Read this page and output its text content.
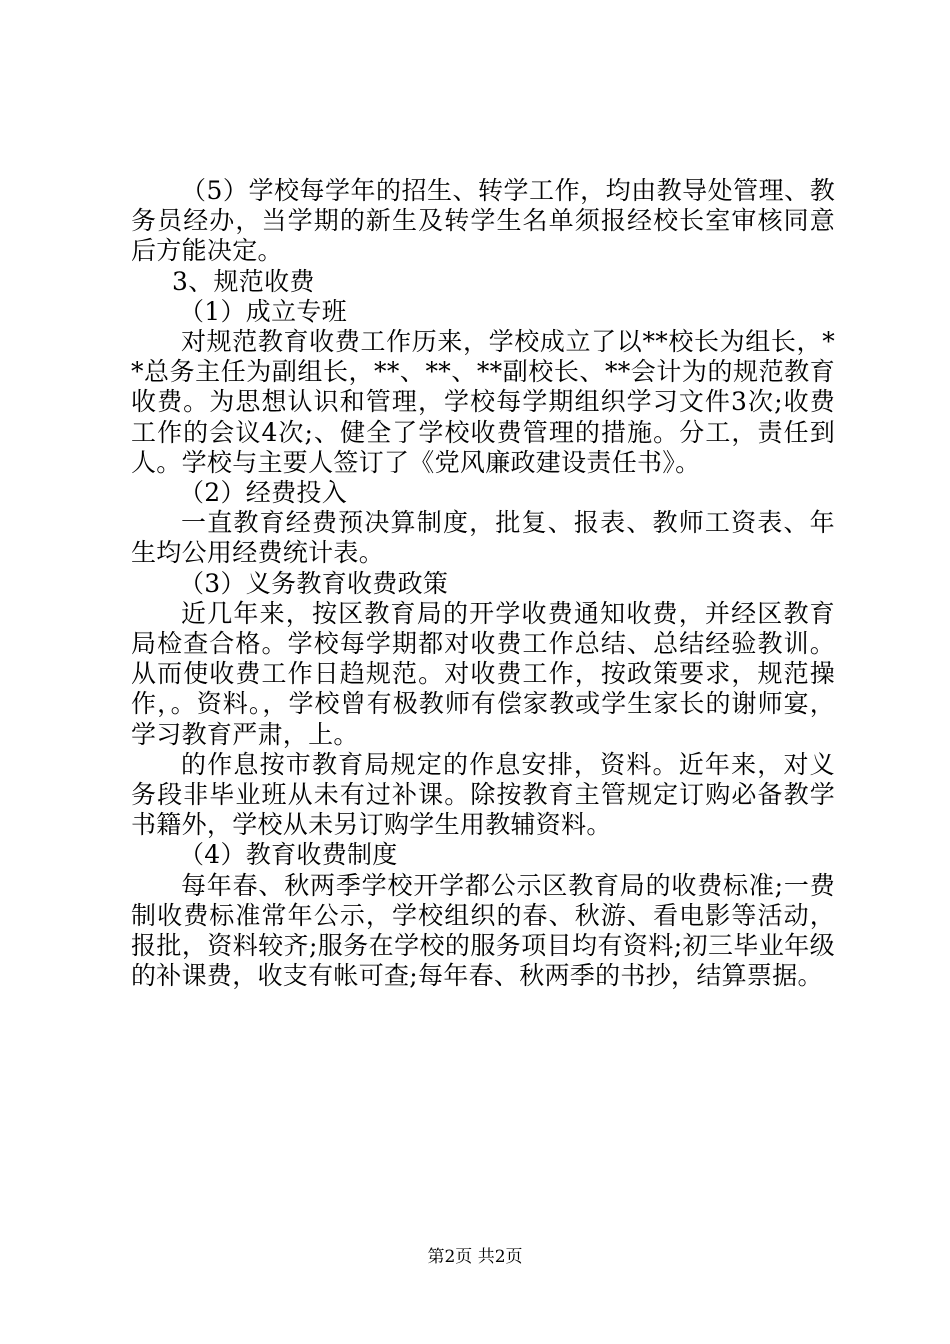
（5）学校每学年的招生、转学工作，均由教导处管理、教务员经办，当学期的新生及转学生名单须报经校长室审核同意后方能决定。

3、规范收费

（1）成立专班

对规范教育收费工作历来，学校成立了以**校长为组长，**总务主任为副组长，**、**、**副校长、**会计为的规范教育收费。为思想认识和管理，学校每学期组织学习文件3次;收费工作的会议4次;、健全了学校收费管理的措施。分工，责任到人。学校与主要人签订了《党风廉政建设责任书》。

（2）经费投入

一直教育经费预决算制度，批复、报表、教师工资表、年生均公用经费统计表。

（3）义务教育收费政策

近几年来，按区教育局的开学收费通知收费，并经区教育局检查合格。学校每学期都对收费工作总结、总结经验教训。从而使收费工作日趋规范。对收费工作，按政策要求，规范操作，。资料。，学校曾有极教师有偿家教或学生家长的谢师宴，学习教育严肃，上。

的作息按市教育局规定的作息安排，资料。近年来，对义务段非毕业班从未有过补课。除按教育主管规定订购必备教学书籍外，学校从未另订购学生用教辅资料。

（4）教育收费制度

每年春、秋两季学校开学都公示区教育局的收费标准;一费制收费标准常年公示，学校组织的春、秋游、看电影等活动，报批，资料较齐;服务在学校的服务项目均有资料;初三毕业年级的补课费，收支有帐可查;每年春、秋两季的书抄，结算票据。

第2页 共2页
